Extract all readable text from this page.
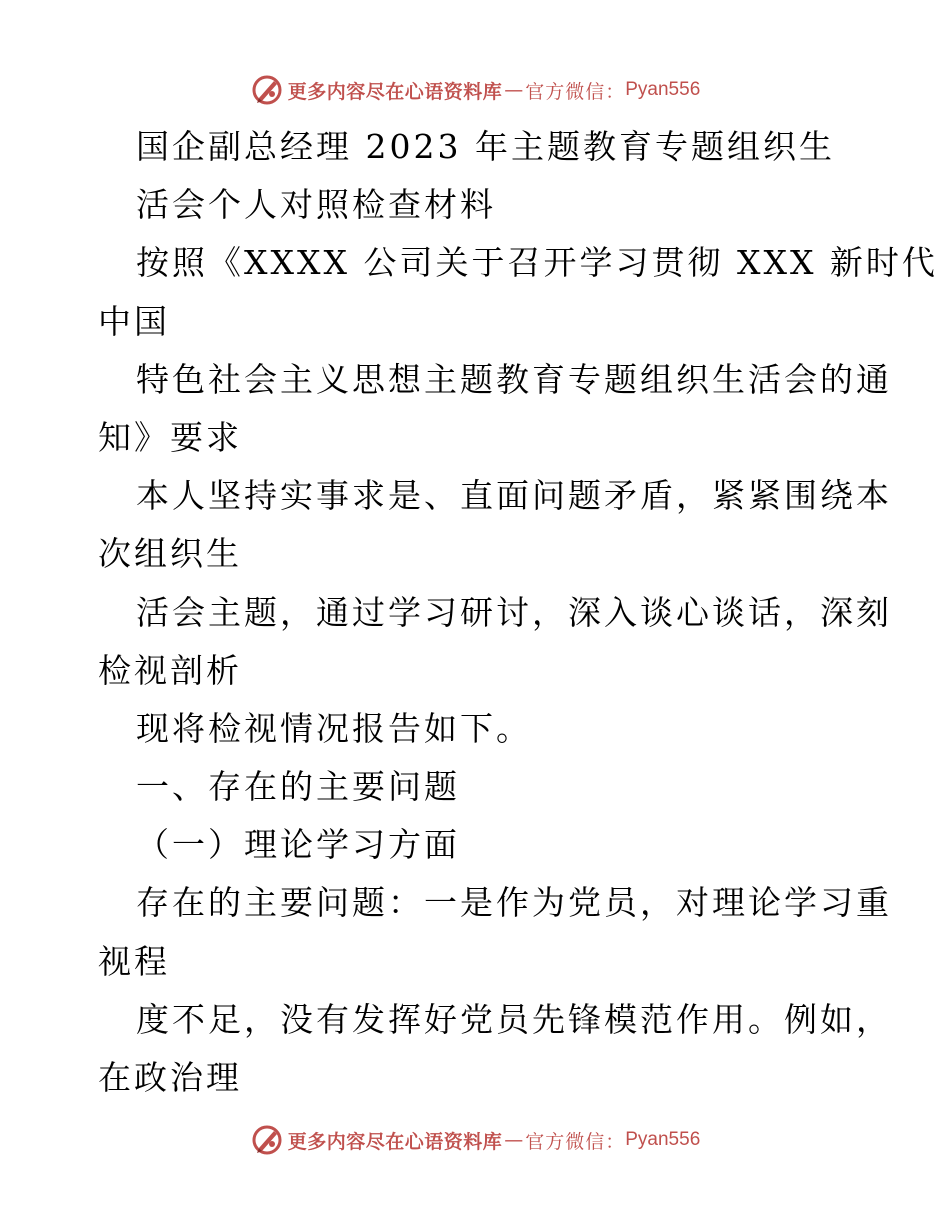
更多内容尽在心语资料库 — 官方微信： Pyan556
国企副总经理 2023 年主题教育专题组织生
活会个人对照检查材料
按照《XXXX 公司关于召开学习贯彻 XXX 新时代
中国
特色社会主义思想主题教育专题组织生活会的通
知》要求
本人坚持实事求是、直面问题矛盾，紧紧围绕本
次组织生
活会主题，通过学习研讨，深入谈心谈话，深刻
检视剖析
现将检视情况报告如下。
一、存在的主要问题
（一）理论学习方面
存在的主要问题：一是作为党员，对理论学习重
视程
度不足，没有发挥好党员先锋模范作用。例如，
在政治理
更多内容尽在心语资料库 — 官方微信： Pyan556
